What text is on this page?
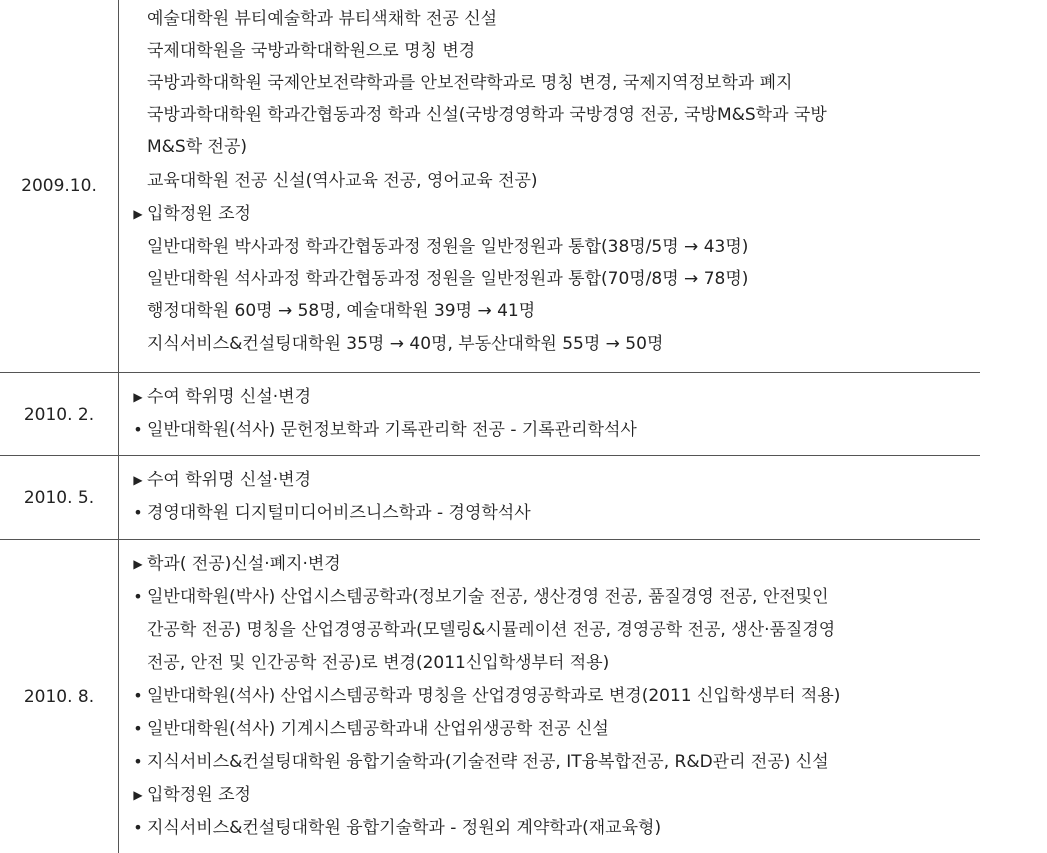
2009.10.
예술대학원 뷰티예술학과 뷰티색채학 전공 신설
국제대학원을 국방과학대학원으로 명칭 변경
국방과학대학원 국제안보전략학과를 안보전략학과로 명칭 변경, 국제지역정보학과 폐지
국방과학대학원 학과간협동과정 학과 신설(국방경영학과 국방경영 전공, 국방M&S학과 국방
M&S학 전공)
교육대학원 전공 신설(역사교육 전공, 영어교육 전공)
▶ 입학정원 조정
일반대학원 박사과정 학과간협동과정 정원을 일반정원과 통합(38명/5명 → 43명)
일반대학원 석사과정 학과간협동과정 정원을 일반정원과 통합(70명/8명 → 78명)
행정대학원 60명 → 58명, 예술대학원 39명 → 41명
지식서비스&컨설팅대학원 35명 → 40명, 부동산대학원 55명 → 50명
2010. 2.
▶ 수여 학위명 신설·변경
• 일반대학원(석사) 문헌정보학과 기록관리학 전공 - 기록관리학석사
2010. 5.
▶ 수여 학위명 신설·변경
• 경영대학원 디지털미디어비즈니스학과 - 경영학석사
2010. 8.
▶ 학과( 전공)신설·폐지·변경
• 일반대학원(박사) 산업시스템공학과(정보기술 전공, 생산경영 전공, 품질경영 전공, 안전및인
간공학 전공) 명칭을 산업경영공학과(모델링&시뮬레이션 전공, 경영공학 전공, 생산·품질경영
전공, 안전 및 인간공학 전공)로 변경(2011신입학생부터 적용)
• 일반대학원(석사) 산업시스템공학과 명칭을 산업경영공학과로 변경(2011 신입학생부터 적용)
• 일반대학원(석사) 기계시스템공학과내 산업위생공학 전공 신설
• 지식서비스&컨설팅대학원 융합기술학과(기술전략 전공, IT융복합전공, R&D관리 전공) 신설
▶ 입학정원 조정
• 지식서비스&컨설팅대학원 융합기술학과 - 정원외 계약학과(재교육형)
